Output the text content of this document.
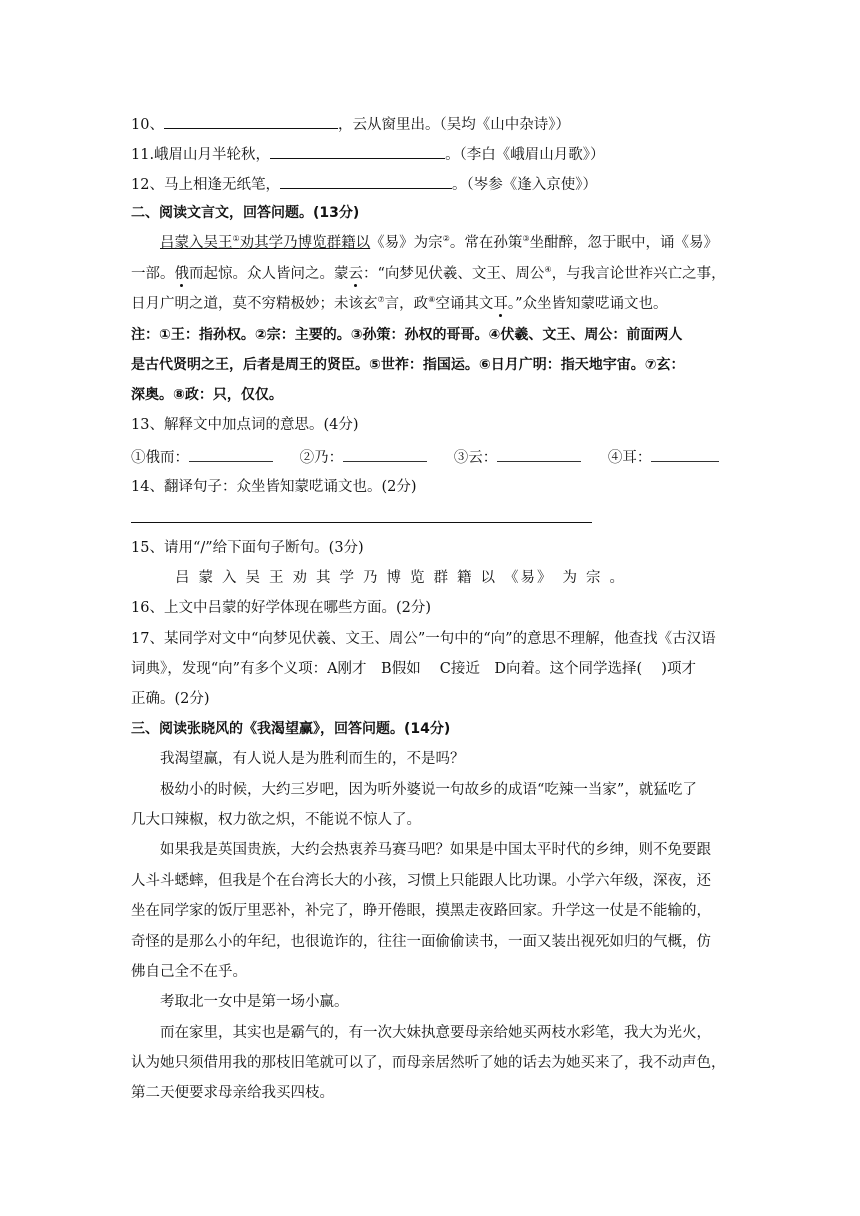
10、	，云从窗里出。（吴均《山中杂诗》）
11.峨眉山月半轮秋，	。（李白《峨眉山月歌》）
12、马上相逢无纸笔，	。（岑参《逢入京使》）
二、阅读文言文，回答问题。(13分)
吕蒙入吴王①劝其学乃博览群籍以《易》为宗②。常在孙策③坐酣醉，忽于眠中，诵《易》
一部。俄而起惊。众人皆问之。蒙云：“向梦见伏羲、文王、周公④，与我言论世祚兴亡之事，
日月广明之道，莫不穷精极妙；未该玄⑦言，政⑧空诵其文耳。”众坐皆知蒙呓诵文也。
注：①王：指孙权。②宗：主要的。③孙策：孙权的哥哥。④伏羲、文王、周公：前面两人
是古代贤明之王，后者是周王的贤臣。⑤世祚：指国运。⑥日月广明：指天地宇宙。⑦玄：
深奥。⑧政：只，仅仅。
13、解释文中加点词的意思。(4分)
①俄而：	②乃：	③云：	④耳：
14、翻译句子：众坐皆知蒙呓诵文也。(2分)
15、请用“/”给下面句子断句。(3分)
吕蒙入吴王劝其学乃博览群籍以《易》 为宗。
16、上文中吕蒙的好学体现在哪些方面。(2分)
17、某同学对文中“向梦见伏羲、文王、周公”一句中的“向”的意思不理解，他查找《古汉语
词典》，发现“向”有多个义项：A刚才　B假如　 C接近　D向着。这个同学选择(　 )项才
正确。(2分)
三、阅读张晓风的《我渴望赢》，回答问题。(14分)
我渴望赢，有人说人是为胜利而生的，不是吗？
极幼小的时候，大约三岁吧，因为听外婆说一句故乡的成语“吃辣一当家”，就猛吃了
几大口辣椒，权力欲之炽，不能说不惊人了。
如果我是英国贵族，大约会热衷养马赛马吧？如果是中国太平时代的乡绅，则不免要跟
人斗斗蟋蟀，但我是个在台湾长大的小孩，习惯上只能跟人比功课。小学六年级，深夜，还
坐在同学家的饭厅里恶补，补完了，睁开倦眼，摸黑走夜路回家。升学这一仗是不能输的，
奇怪的是那么小的年纪，也很诡诈的，往往一面偷偷读书，一面又装出视死如归的气概，仿
佛自己全不在乎。
考取北一女中是第一场小赢。
而在家里，其实也是霸气的，有一次大妹执意要母亲给她买两枝水彩笔，我大为光火，
认为她只须借用我的那枝旧笔就可以了，而母亲居然听了她的话去为她买来了，我不动声色，
第二天便要求母亲给我买四枝。
